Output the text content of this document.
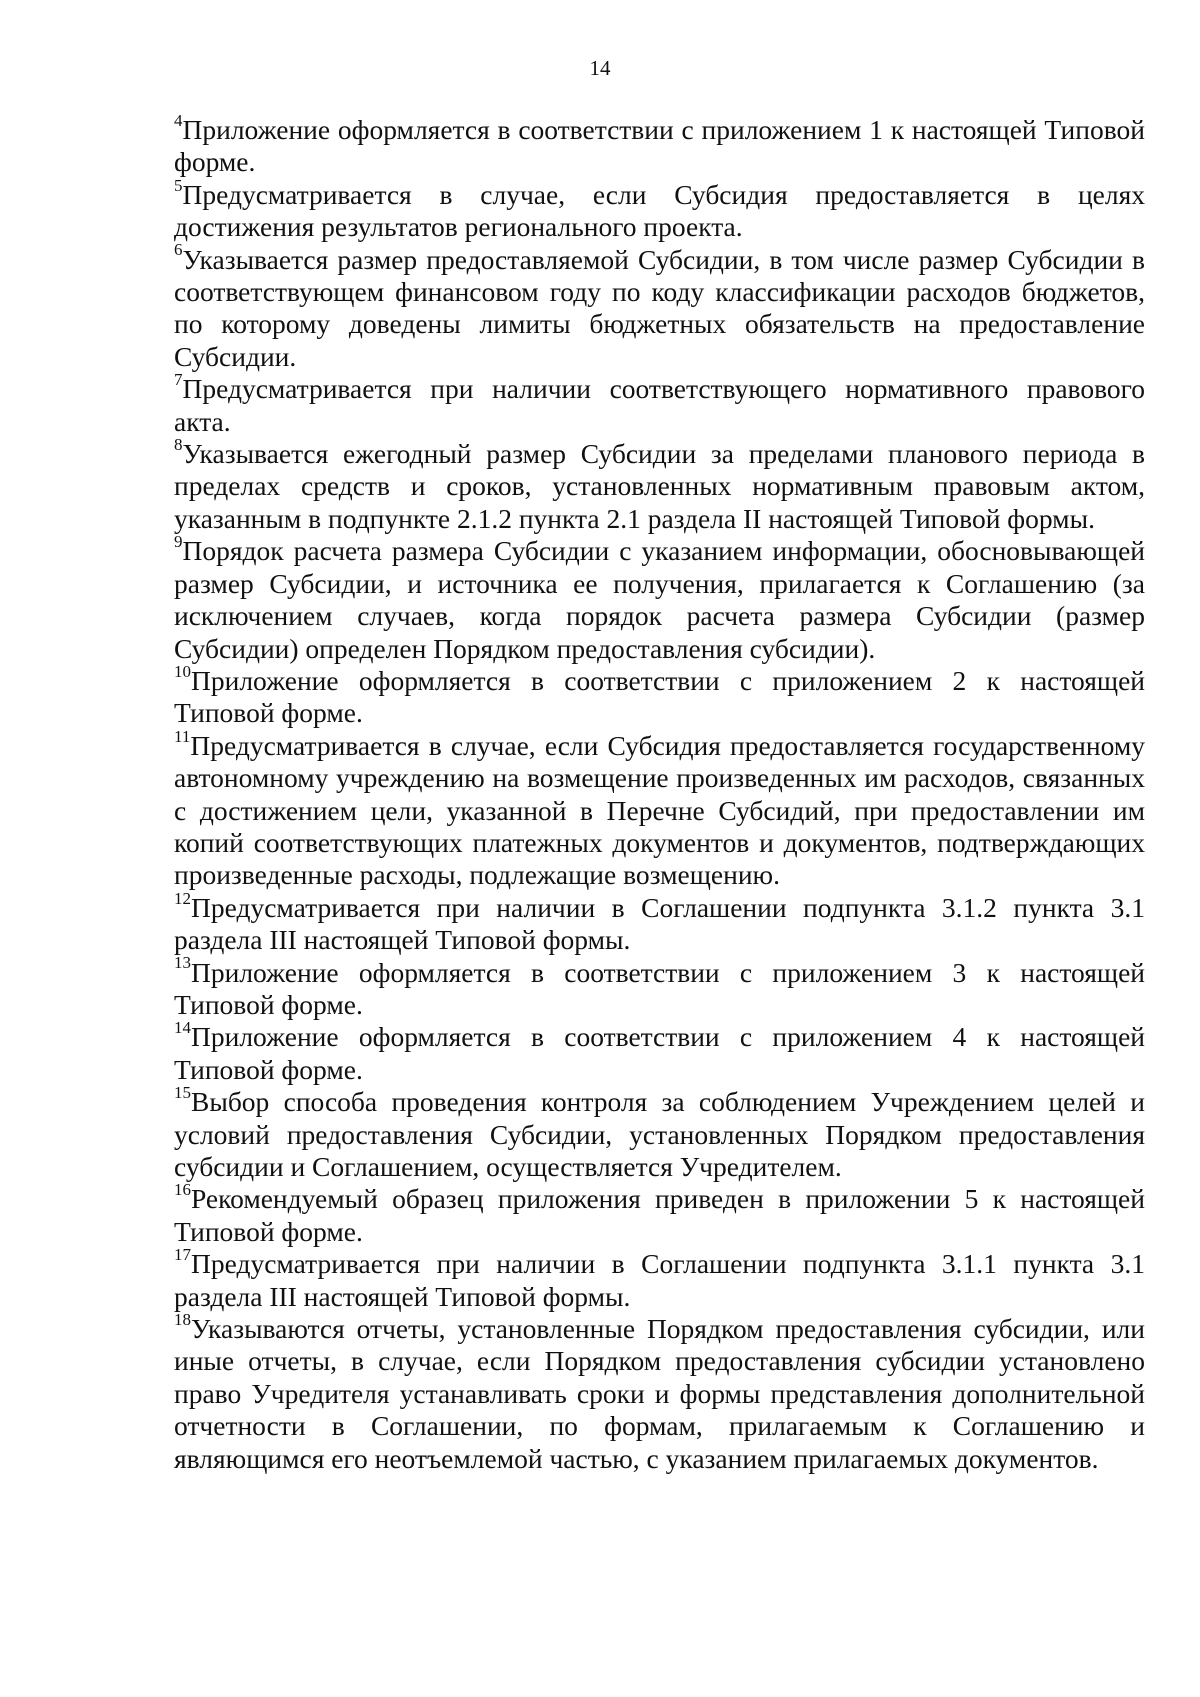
14

$^4$Приложение оформляется в соответствии с приложением 1 к настоящей Типовой форме.

$^5$Предусматривается в случае, если Субсидия предоставляется в целях достижения результатов регионального проекта.

$^6$Указывается размер предоставляемой Субсидии, в том числе размер Субсидии в соответствующем финансовом году по коду классификации расходов бюджетов, по которому доведены лимиты бюджетных обязательств на предоставление Субсидии.

$^7$Предусматривается при наличии соответствующего нормативного правового акта.

$^8$Указывается ежегодный размер Субсидии за пределами планового периода в пределах средств и сроков, установленных нормативным правовым актом, указанным в подпункте 2.1.2 пункта 2.1 раздела II настоящей Типовой формы.

$^9$Порядок расчета размера Субсидии с указанием информации, обосновывающей размер Субсидии, и источника ее получения, прилагается к Соглашению (за исключением случаев, когда порядок расчета размера Субсидии (размер Субсидии) определен Порядком предоставления субсидии).

$^{10}$Приложение оформляется в соответствии с приложением 2 к настоящей Типовой форме.

$^{11}$Предусматривается в случае, если Субсидия предоставляется государственному автономному учреждению на возмещение произведенных им расходов, связанных с достижением цели, указанной в Перечне Субсидий, при предоставлении им копий соответствующих платежных документов и документов, подтверждающих произведенные расходы, подлежащие возмещению.

$^{12}$Предусматривается при наличии в Соглашении подпункта 3.1.2 пункта 3.1 раздела III настоящей Типовой формы.

$^{13}$Приложение оформляется в соответствии с приложением 3 к настоящей Типовой форме.

$^{14}$Приложение оформляется в соответствии с приложением 4 к настоящей Типовой форме.

$^{15}$Выбор способа проведения контроля за соблюдением Учреждением целей и условий предоставления Субсидии, установленных Порядком предоставления субсидии и Соглашением, осуществляется Учредителем.

$^{16}$Рекомендуемый образец приложения приведен в приложении 5 к настоящей Типовой форме.

$^{17}$Предусматривается при наличии в Соглашении подпункта 3.1.1 пункта 3.1 раздела III настоящей Типовой формы.

$^{18}$Указываются отчеты, установленные Порядком предоставления субсидии, или иные отчеты, в случае, если Порядком предоставления субсидии установлено право Учредителя устанавливать сроки и формы представления дополнительной отчетности в Соглашении, по формам, прилагаемым к Соглашению и являющимся его неотъемлемой частью, с указанием прилагаемых документов.
